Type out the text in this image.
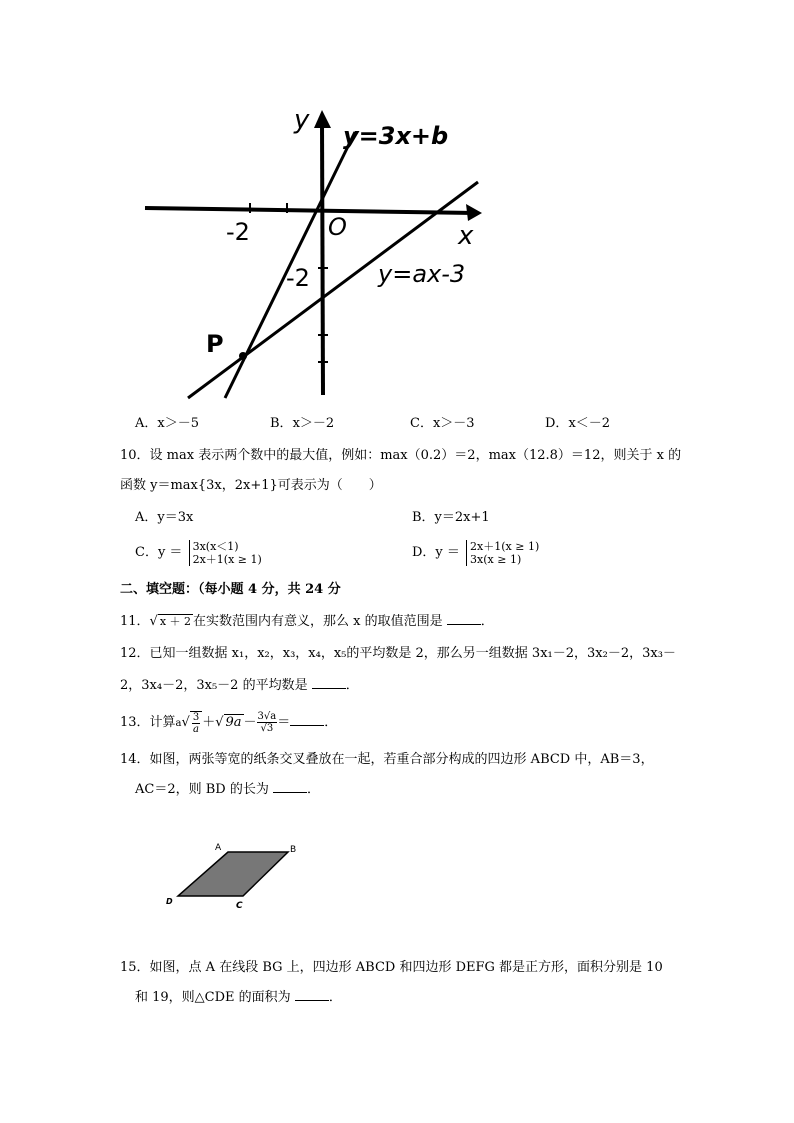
y
y=3x+b
-2	O	x
-2	y=ax-3
P
A．x＞－5	B．x＞－2	C．x＞－3	D．x＜－2
10．设 max 表示两个数中的最大值，例如：max（0.2）＝2，max（12.8）＝12，则关于 x 的
函数 y＝max{3x，2x+1}可表示为（　　）
A．y＝3x	B．y＝2x+1
C．y ＝ 3x(x＜1)
2x＋1(x ≥ 1)	D．y ＝ 2x＋1(x ≥ 1)
3x(x ≥ 1)
二、填空题：（每小题 4 分，共 24 分
11．√ x ＋ 2 在实数范围内有意义，那么 x 的取值范围是	．
12．已知一组数据 x₁，x₂，x₃，x₄，x₅的平均数是 2，那么另一组数据 3x₁－2，3x₂－2，3x₃－
2，3x₄－2，3x₅－2 的平均数是	．
13．计算$a√ \frac{3}{a}$ ＋√ $9a - \frac{3√a}{√3}$ ＝	．
14．如图，两张等宽的纸条交叉叠放在一起，若重合部分构成的四边形 ABCD 中，AB＝3，
AC＝2，则 BD 的长为	．
A	B
C
D
15．如图，点 A 在线段 BG 上，四边形 ABCD 和四边形 DEFG 都是正方形，面积分别是 10
和 19，则△CDE 的面积为	．
